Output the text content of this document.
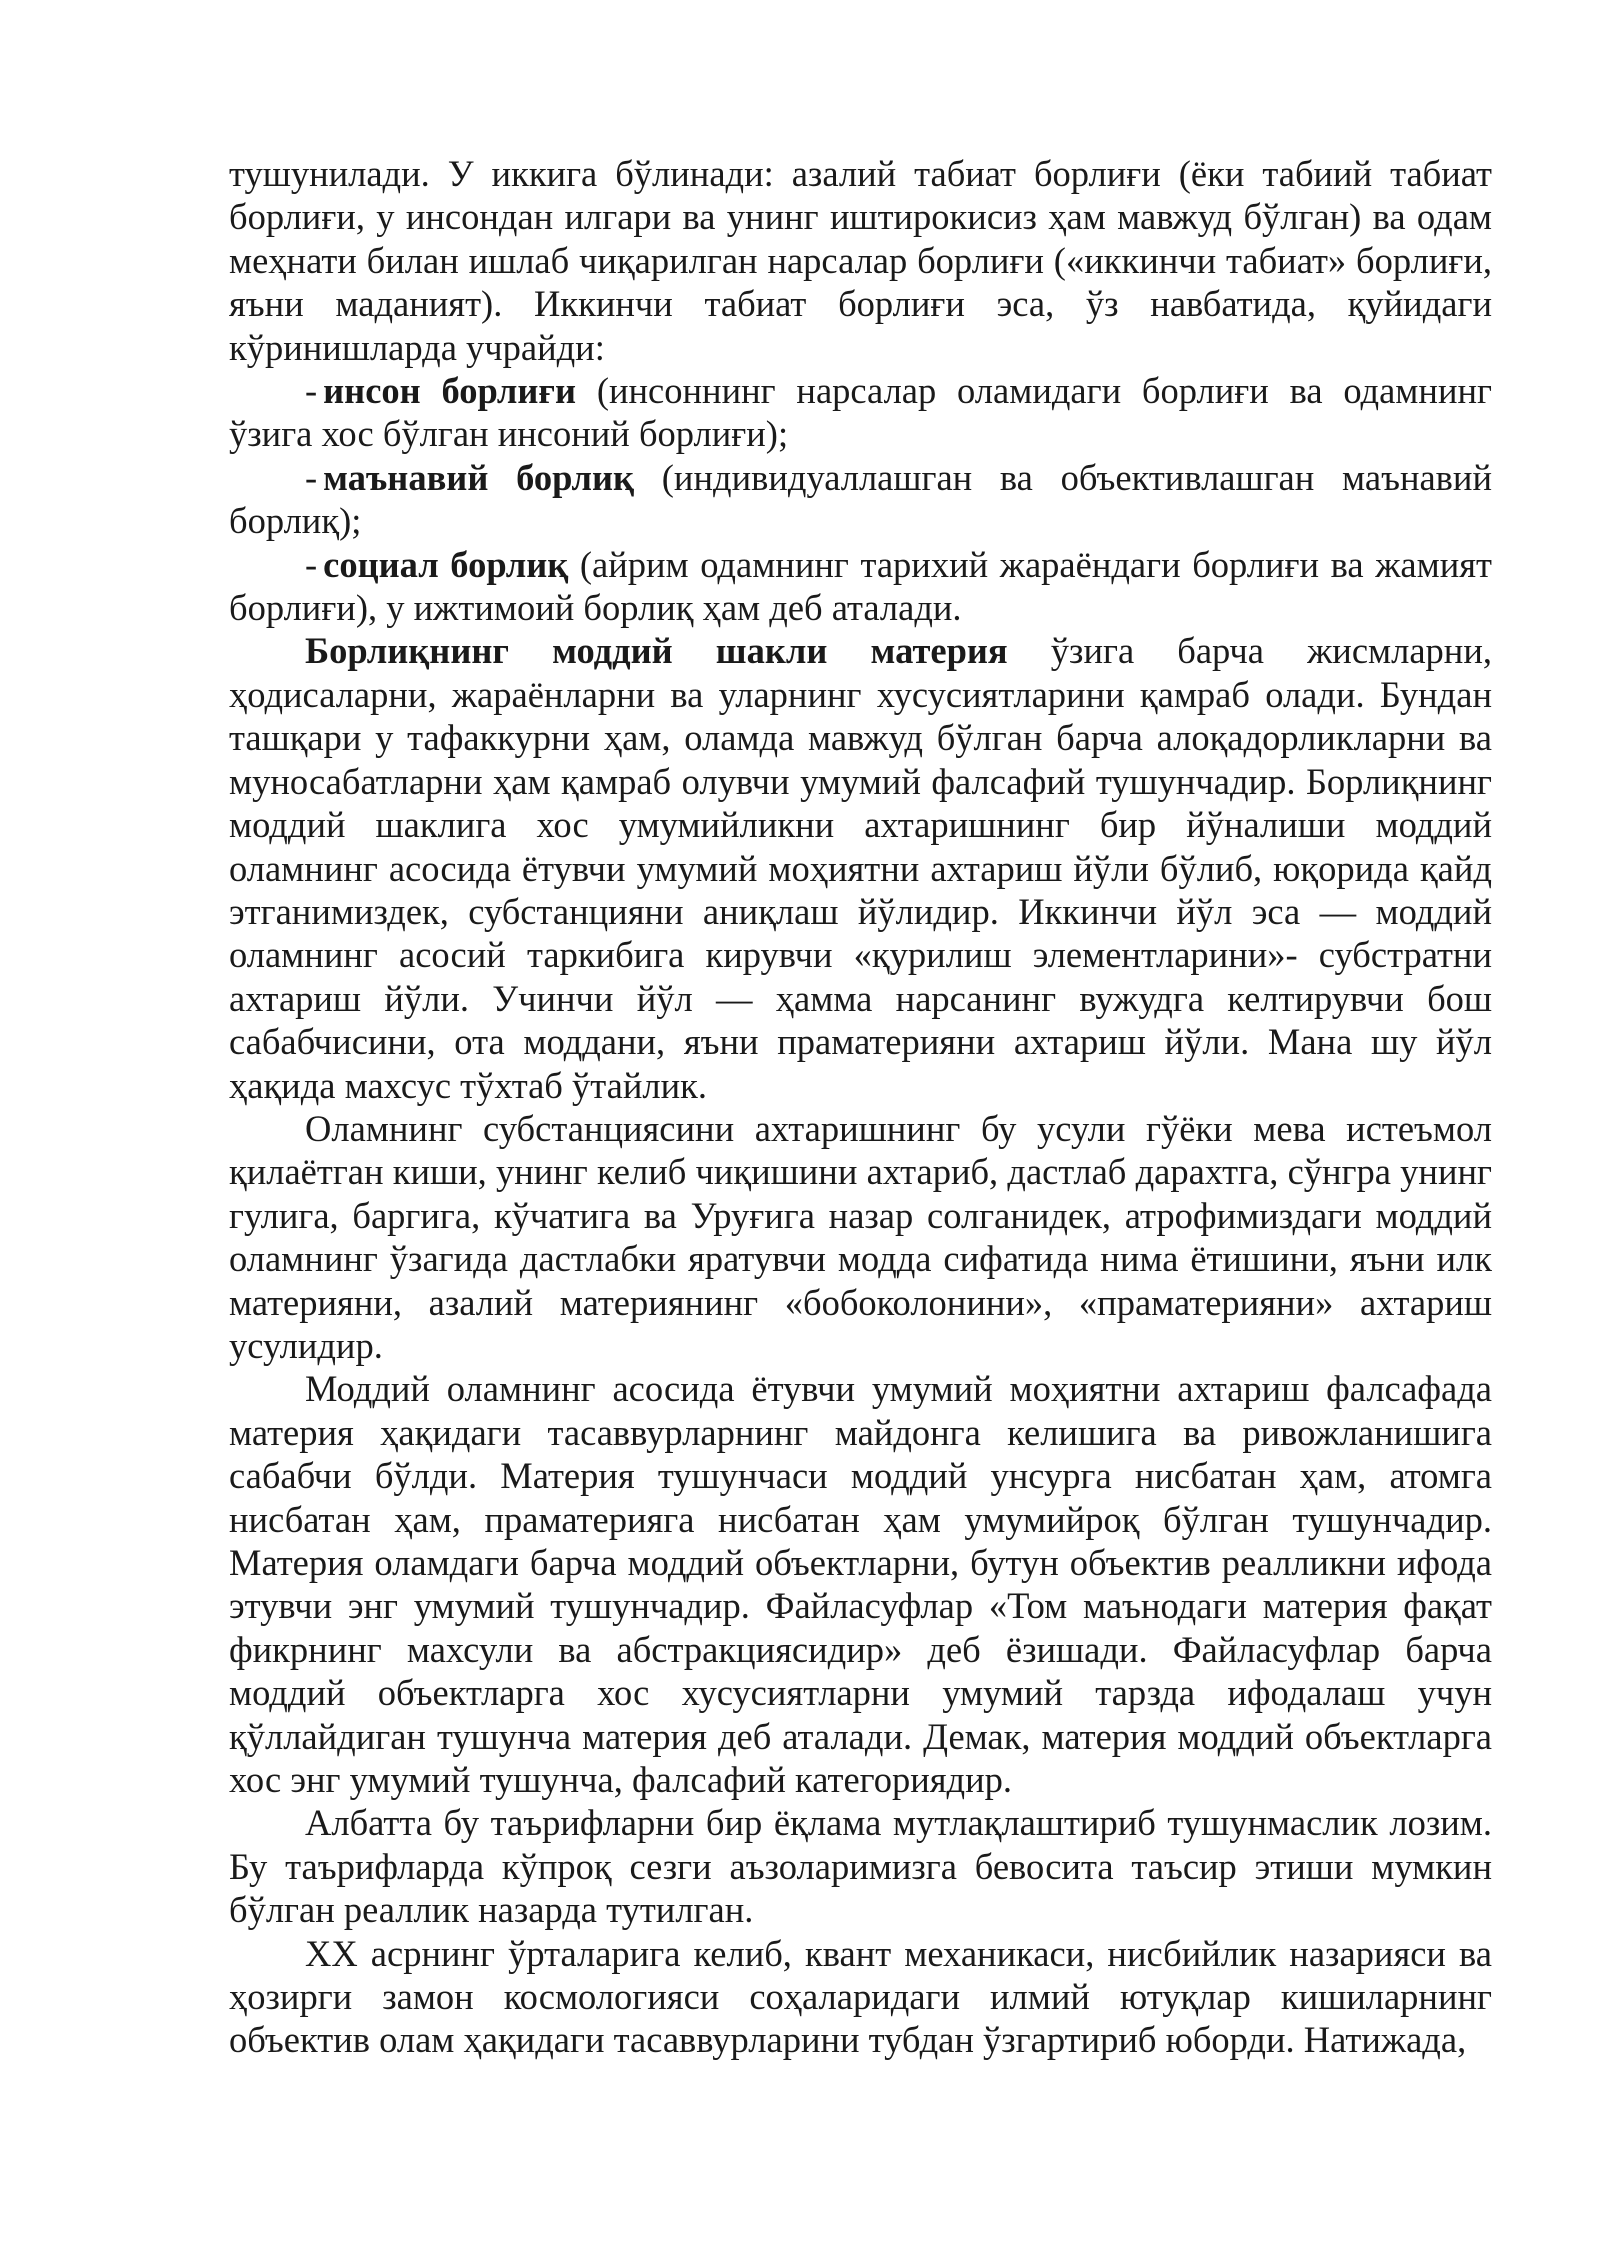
тушунилади. У иккига бўлинади: азалий табиат борлиғи (ёки табиий табиат борлиғи, у инсондан илгари ва унинг иштирокисиз ҳам мавжуд бўлган) ва одам меҳнати билан ишлаб чиқарилган нарсалар борлиғи («иккинчи табиат» борлиғи, яъни маданият). Иккинчи табиат борлиғи эса, ўз навбатида, қуйидаги кўринишларда учрайди:

- инсон борлиғи (инсоннинг нарсалар оламидаги борлиғи ва одамнинг ўзига хос бўлган инсоний борлиғи);

- маънавий борлиқ (индивидуаллашган ва объективлашган маънавий борлиқ);

- социал борлиқ (айрим одамнинг тарихий жараёндаги борлиғи ва жамият борлиғи), у ижтимоий борлиқ ҳам деб аталади.

Борлиқнинг моддий шакли материя ўзига барча жисмларни, ҳодисаларни, жараёнларни ва уларнинг хусусиятларини қамраб олади. Бундан ташқари у тафаккурни ҳам, оламда мавжуд бўлган барча алоқадорликларни ва муносабатларни ҳам қамраб олувчи умумий фалсафий тушунчадир. Борлиқнинг моддий шаклига хос умумийликни ахтаришнинг бир йўналиши моддий оламнинг асосида ётувчи умумий моҳиятни ахтариш йўли бўлиб, юқорида қайд этганимиздек, субстанцияни аниқлаш йўлидир. Иккинчи йўл эса — моддий оламнинг асосий таркибига кирувчи «қурилиш элементларини»- субстратни ахтариш йўли. Учинчи йўл — ҳамма нарсанинг вужудга келтирувчи бош сабабчисини, ота моддани, яъни праматерияни ахтариш йўли. Мана шу йўл ҳақида махсус тўхтаб ўтайлик.

Оламнинг субстанциясини ахтаришнинг бу усули гўёки мева истеъмол қилаётган киши, унинг келиб чиқишини ахтариб, дастлаб дарахтга, сўнгра унинг гулига, баргига, кўчатига ва Уруғига назар солганидек, атрофимиздаги моддий оламнинг ўзагида дастлабки яратувчи модда сифатида нима ётишини, яъни илк материяни, азалий материянинг «бобоколонини», «праматерияни» ахтариш усулидир.

Моддий оламнинг асосида ётувчи умумий моҳиятни ахтариш фалсафада материя ҳақидаги тасаввурларнинг майдонга келишига ва ривожланишига сабабчи бўлди. Материя тушунчаси моддий унсурга нисбатан ҳам, атомга нисбатан ҳам, праматерияга нисбатан ҳам умумийроқ бўлган тушунчадир. Материя оламдаги барча моддий объектларни, бутун объектив реалликни ифода этувчи энг умумий тушунчадир. Файласуфлар «Том маънодаги материя фақат фикрнинг махсули ва абстракциясидир» деб ёзишади. Файласуфлар барча моддий объектларга хос хусусиятларни умумий тарзда ифодалаш учун қўллайдиган тушунча материя деб аталади. Демак, материя моддий объектларга хос энг умумий тушунча, фалсафий категориядир.

Албатта бу таърифларни бир ёқлама мутлақлаштириб тушунмаслик лозим. Бу таърифларда кўпроқ сезги аъзоларимизга бевосита таъсир этиши мумкин бўлган реаллик назарда тутилган.

XX асрнинг ўрталарига келиб, квант механикаси, нисбийлик назарияси ва ҳозирги замон космологияси соҳаларидаги илмий ютуқлар кишиларнинг объектив олам ҳақидаги тасаввурларини тубдан ўзгартириб юборди. Натижада,
